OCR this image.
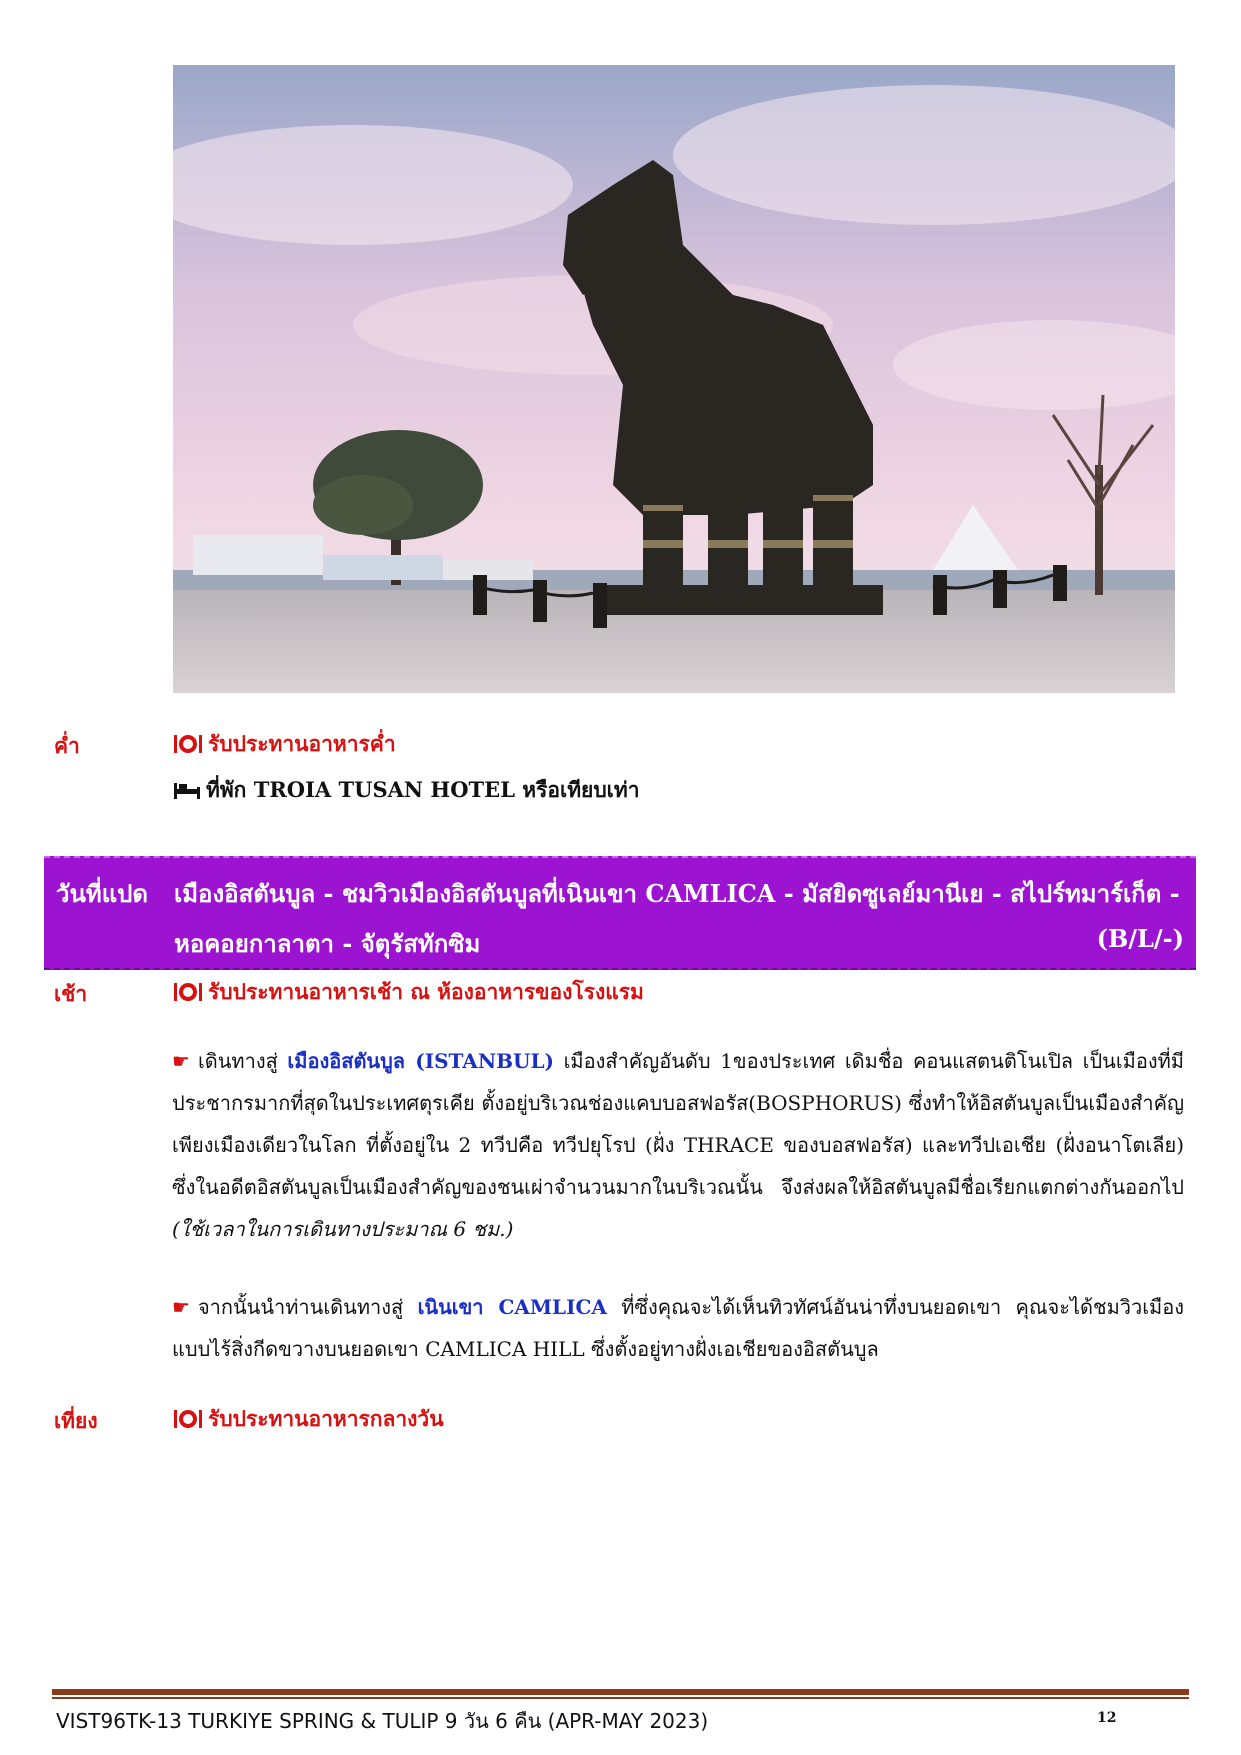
ค่ำ	รับประทานอาหารค่ำ
ที่พัก TROIA TUSAN HOTEL หรือเทียบเท่า
วันที่แปด เมืองอิสตันบูล - ชมวิวเมืองอิสตันบูลที่เนินเขา CAMLICA - มัสยิดซูเลย์มานีเย - สไปร์ทมาร์เก็ต -
หอคอยกาลาตา - จัตุรัสทักซิม	(B/L/-)
เช้า	รับประทานอาหารเช้า ณ ห้องอาหารของโรงแรม
☛ เดินทางสู่ เมืองอิสตันบูล (ISTANBUL) เมืองสำคัญอันดับ 1ของประเทศ เดิมชื่อ คอนแสตนติโนเปิล เป็นเมืองที่มีประชากรมากที่สุดในประเทศตุรเคีย ตั้งอยู่บริเวณช่องแคบบอสฟอรัส(BOSPHORUS) ซึ่งทำให้อิสตันบูลเป็นเมืองสำคัญเพียงเมืองเดียวในโลก ที่ตั้งอยู่ใน 2 ทวีปคือ ทวีปยุโรป (ฝั่ง THRACE ของบอสฟอรัส) และทวีปเอเชีย (ฝั่งอนาโตเลีย) ซึ่งในอดีตอิสตันบูลเป็นเมืองสำคัญของชนเผ่าจำนวนมากในบริเวณนั้น จึงส่งผลให้อิสตันบูลมีชื่อเรียกแตกต่างกันออกไป (ใช้เวลาในการเดินทางประมาณ 6 ชม.)
☛ จากนั้นนำท่านเดินทางสู่ เนินเขา CAMLICA ที่ซึ่งคุณจะได้เห็นทิวทัศน์อันน่าทึ่งบนยอดเขา คุณจะได้ชมวิวเมืองแบบไร้สิ่งกีดขวางบนยอดเขา CAMLICA HILL ซึ่งตั้งอยู่ทางฝั่งเอเชียของอิสตันบูล
เที่ยง	รับประทานอาหารกลางวัน
VIST96TK-13 TURKIYE SPRING & TULIP 9 วัน 6 คืน (APR-MAY 2023)	12
